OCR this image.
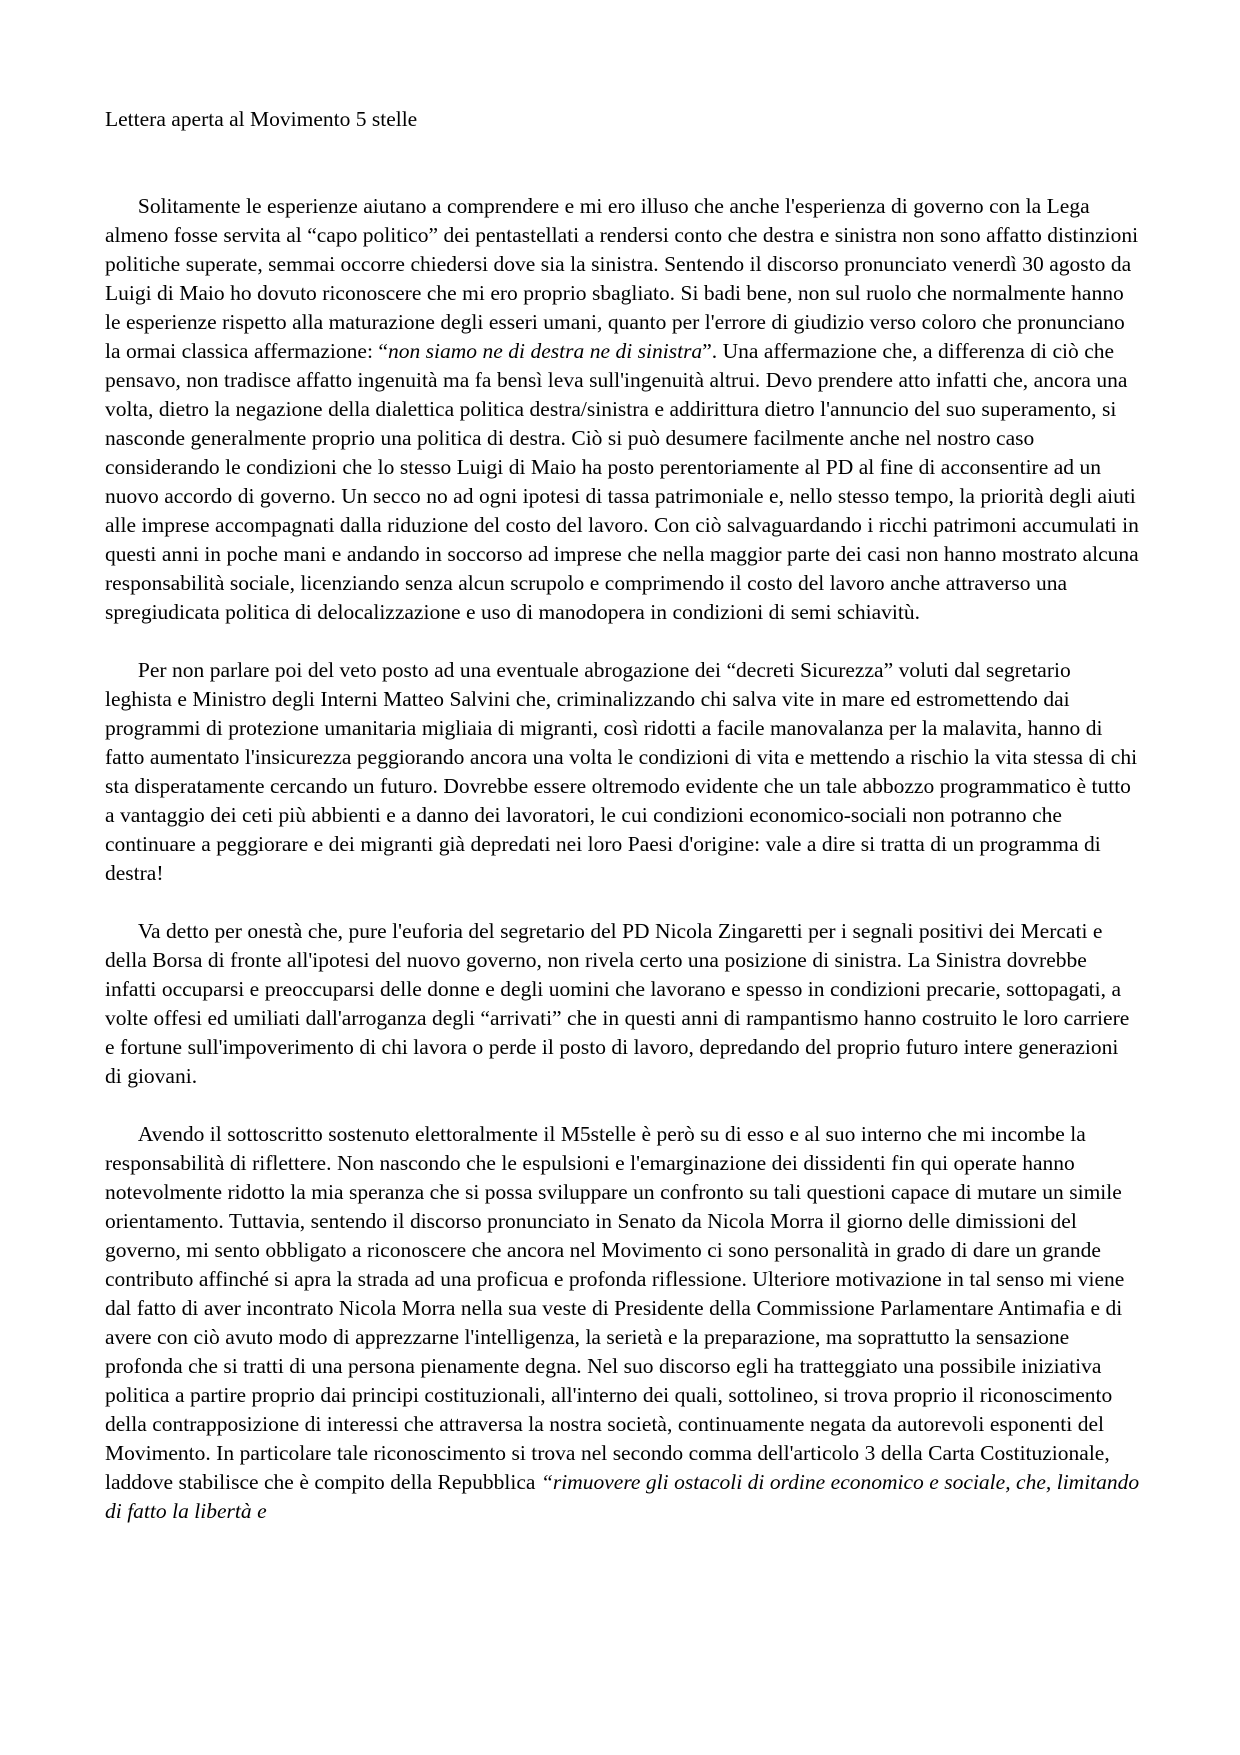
Lettera aperta al Movimento 5 stelle

Solitamente le esperienze aiutano a comprendere e mi ero illuso che anche l'esperienza di governo con la Lega almeno fosse servita al “capo politico” dei pentastellati a rendersi conto che destra e sinistra non sono affatto distinzioni politiche superate, semmai occorre chiedersi dove sia la sinistra. Sentendo il discorso pronunciato venerdì 30 agosto da Luigi di Maio ho dovuto riconoscere che mi ero proprio sbagliato. Si badi bene, non sul ruolo che normalmente hanno le esperienze rispetto alla maturazione degli esseri umani, quanto per l'errore di giudizio verso coloro che pronunciano la ormai classica affermazione: “non siamo ne di destra ne di sinistra”. Una affermazione che, a differenza di ciò che pensavo, non tradisce affatto ingenuità ma fa bensì leva sull'ingenuità altrui. Devo prendere atto infatti che, ancora una volta, dietro la negazione della dialettica politica destra/sinistra e addirittura dietro l'annuncio del suo superamento, si nasconde generalmente proprio una politica di destra. Ciò si può desumere facilmente anche nel nostro caso considerando le condizioni che lo stesso Luigi di Maio ha posto perentoriamente al PD al fine di acconsentire ad un nuovo accordo di governo. Un secco no ad ogni ipotesi di tassa patrimoniale e, nello stesso tempo, la priorità degli aiuti alle imprese accompagnati dalla riduzione del costo del lavoro. Con ciò salvaguardando i ricchi patrimoni accumulati in questi anni in poche mani e andando in soccorso ad imprese che nella maggior parte dei casi non hanno mostrato alcuna responsabilità sociale, licenziando senza alcun scrupolo e comprimendo il costo del lavoro anche attraverso una spregiudicata politica di delocalizzazione e uso di manodopera in condizioni di semi schiavitù.

Per non parlare poi del veto posto ad una eventuale abrogazione dei “decreti Sicurezza” voluti dal segretario leghista e Ministro degli Interni Matteo Salvini che, criminalizzando chi salva vite in mare ed estromettendo dai programmi di protezione umanitaria migliaia di migranti, così ridotti a facile manovalanza per la malavita, hanno di fatto aumentato l'insicurezza peggiorando ancora una volta le condizioni di vita e mettendo a rischio la vita stessa di chi sta disperatamente cercando un futuro. Dovrebbe essere oltremodo evidente che un tale abbozzo programmatico è tutto a vantaggio dei ceti più abbienti e a danno dei lavoratori, le cui condizioni economico-sociali non potranno che continuare a peggiorare e dei migranti già depredati nei loro Paesi d'origine: vale a dire si tratta di un programma di destra!

Va detto per onestà che, pure l'euforia del segretario del PD Nicola Zingaretti per i segnali positivi dei Mercati e della Borsa di fronte all'ipotesi del nuovo governo, non rivela certo una posizione di sinistra. La Sinistra dovrebbe infatti occuparsi e preoccuparsi delle donne e degli uomini che lavorano e spesso in condizioni precarie, sottopagati, a volte offesi ed umiliati dall'arroganza degli “arrivati” che in questi anni di rampantismo hanno costruito le loro carriere e fortune sull'impoverimento di chi lavora o perde il posto di lavoro, depredando del proprio futuro intere generazioni di giovani.

Avendo il sottoscritto sostenuto elettoralmente il M5stelle è però su di esso e al suo interno che mi incombe la responsabilità di riflettere. Non nascondo che le espulsioni e l'emarginazione dei dissidenti fin qui operate hanno notevolmente ridotto la mia speranza che si possa sviluppare un confronto su tali questioni capace di mutare un simile orientamento. Tuttavia, sentendo il discorso pronunciato in Senato da Nicola Morra il giorno delle dimissioni del governo, mi sento obbligato a riconoscere che ancora nel Movimento ci sono personalità in grado di dare un grande contributo affinché si apra la strada ad una proficua e profonda riflessione. Ulteriore motivazione in tal senso mi viene dal fatto di aver incontrato Nicola Morra nella sua veste di Presidente della Commissione Parlamentare Antimafia e di avere con ciò avuto modo di apprezzarne l'intelligenza, la serietà e la preparazione, ma soprattutto la sensazione profonda che si tratti di una persona pienamente degna. Nel suo discorso egli ha tratteggiato una possibile iniziativa politica a partire proprio dai principi costituzionali, all'interno dei quali, sottolineo, si trova proprio il riconoscimento della contrapposizione di interessi che attraversa la nostra società, continuamente negata da autorevoli esponenti del Movimento. In particolare tale riconoscimento si trova nel secondo comma dell'articolo 3 della Carta Costituzionale, laddove stabilisce che è compito della Repubblica “rimuovere gli ostacoli di ordine economico e sociale, che, limitando di fatto la libertà e
